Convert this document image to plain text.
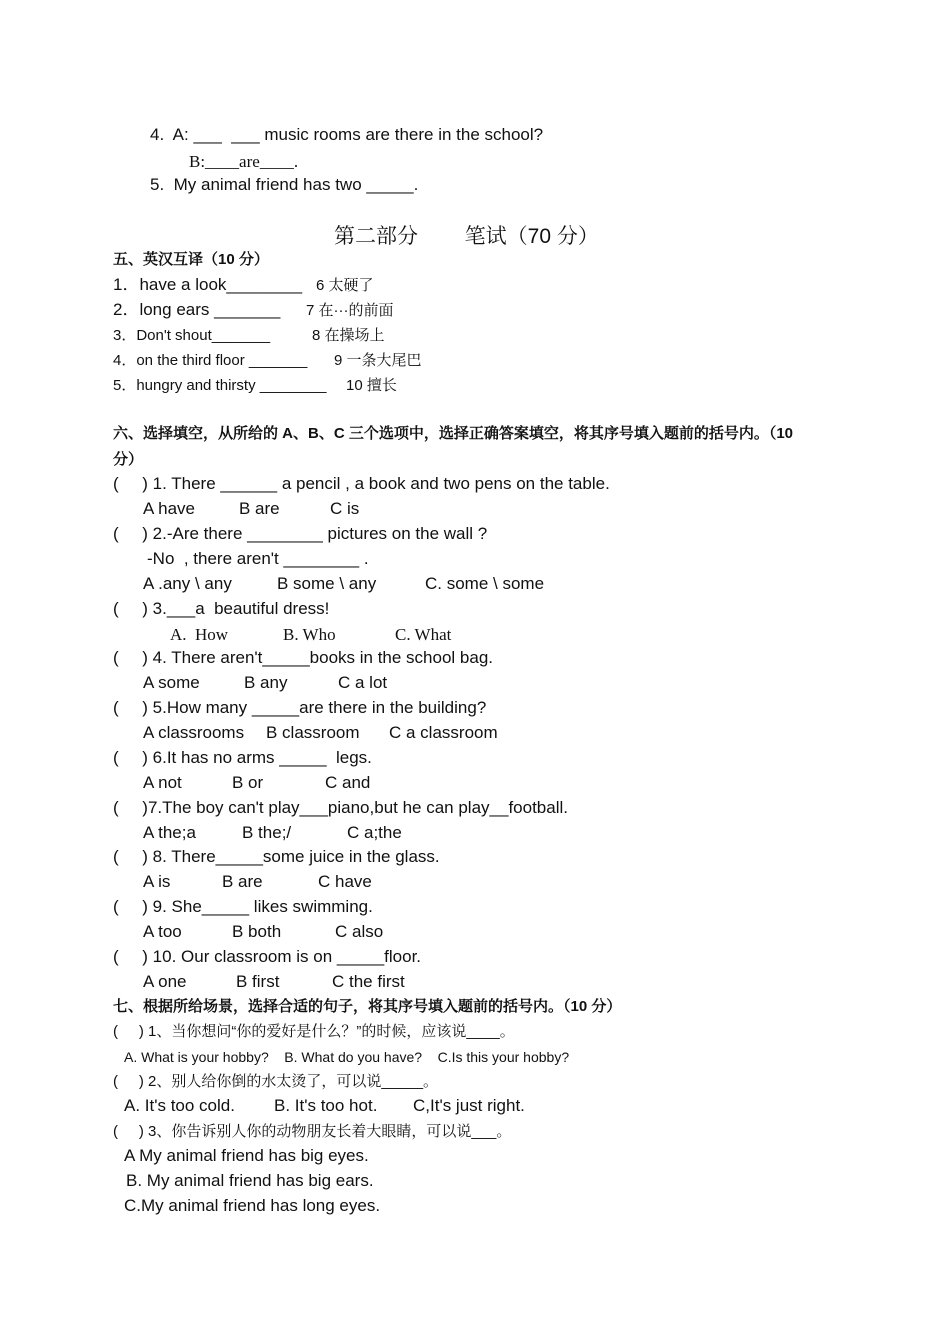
4.  A: ___  ___ music rooms are there in the school?
B:____are____.
5.  My animal friend has two _____.
第二部分        笔试（70 分）
五、英汉互译（10 分）
1．have a look________ 6 太硬了
2．long ears _______ 7 在···的前面
3．Don't shout_______	8 在操场上
4．on the third floor _______ 9 一条大尾巴
5．hungry and thirsty ________ 10 擅长
六、选择填空，从所给的 A、B、C 三个选项中，选择正确答案填空，将其序号填入题前的括号内。（10
分）
(     ) 1. There ______ a pencil , a book and two pens on the table.
A have	B are	C is
(     ) 2.-Are there ________ pictures on the wall ?
-No  , there aren't ________ .
A .any \ any	B some \ any	C. some \ some
(     ) 3.___a  beautiful dress!
A.  How	B. Who	C. What
(     ) 4. There aren't_____books in the school bag.
A some	B any	C a lot
(     ) 5.How many _____are there in the building?
A classrooms B classroom C a classroom
(     ) 6.It has no arms _____  legs.
A not	B or	C and
(     )7.The boy can't play___piano,but he can play__football.
A the;a	B the;/	C a;the
(     ) 8. There_____some juice in the glass.
A is	B are	C have
(     ) 9. She_____ likes swimming.
A too	B both	C also
(     ) 10. Our classroom is on _____floor.
A one	B first	C the first
七、根据所给场景，选择合适的句子，将其序号填入题前的括号内。（10 分）
(     ) 1、当你想问“你的爱好是什么？”的时候，应该说____。
A. What is your hobby?    B. What do you have?    C.Is this your hobby?
(     ) 2、别人给你倒的水太烫了，可以说_____。
A. It's too cold. B. It's too hot. C,It's just right.
(     ) 3、你告诉别人你的动物朋友长着大眼睛，可以说___。
A My animal friend has big eyes.
B. My animal friend has big ears.
C.My animal friend has long eyes.
